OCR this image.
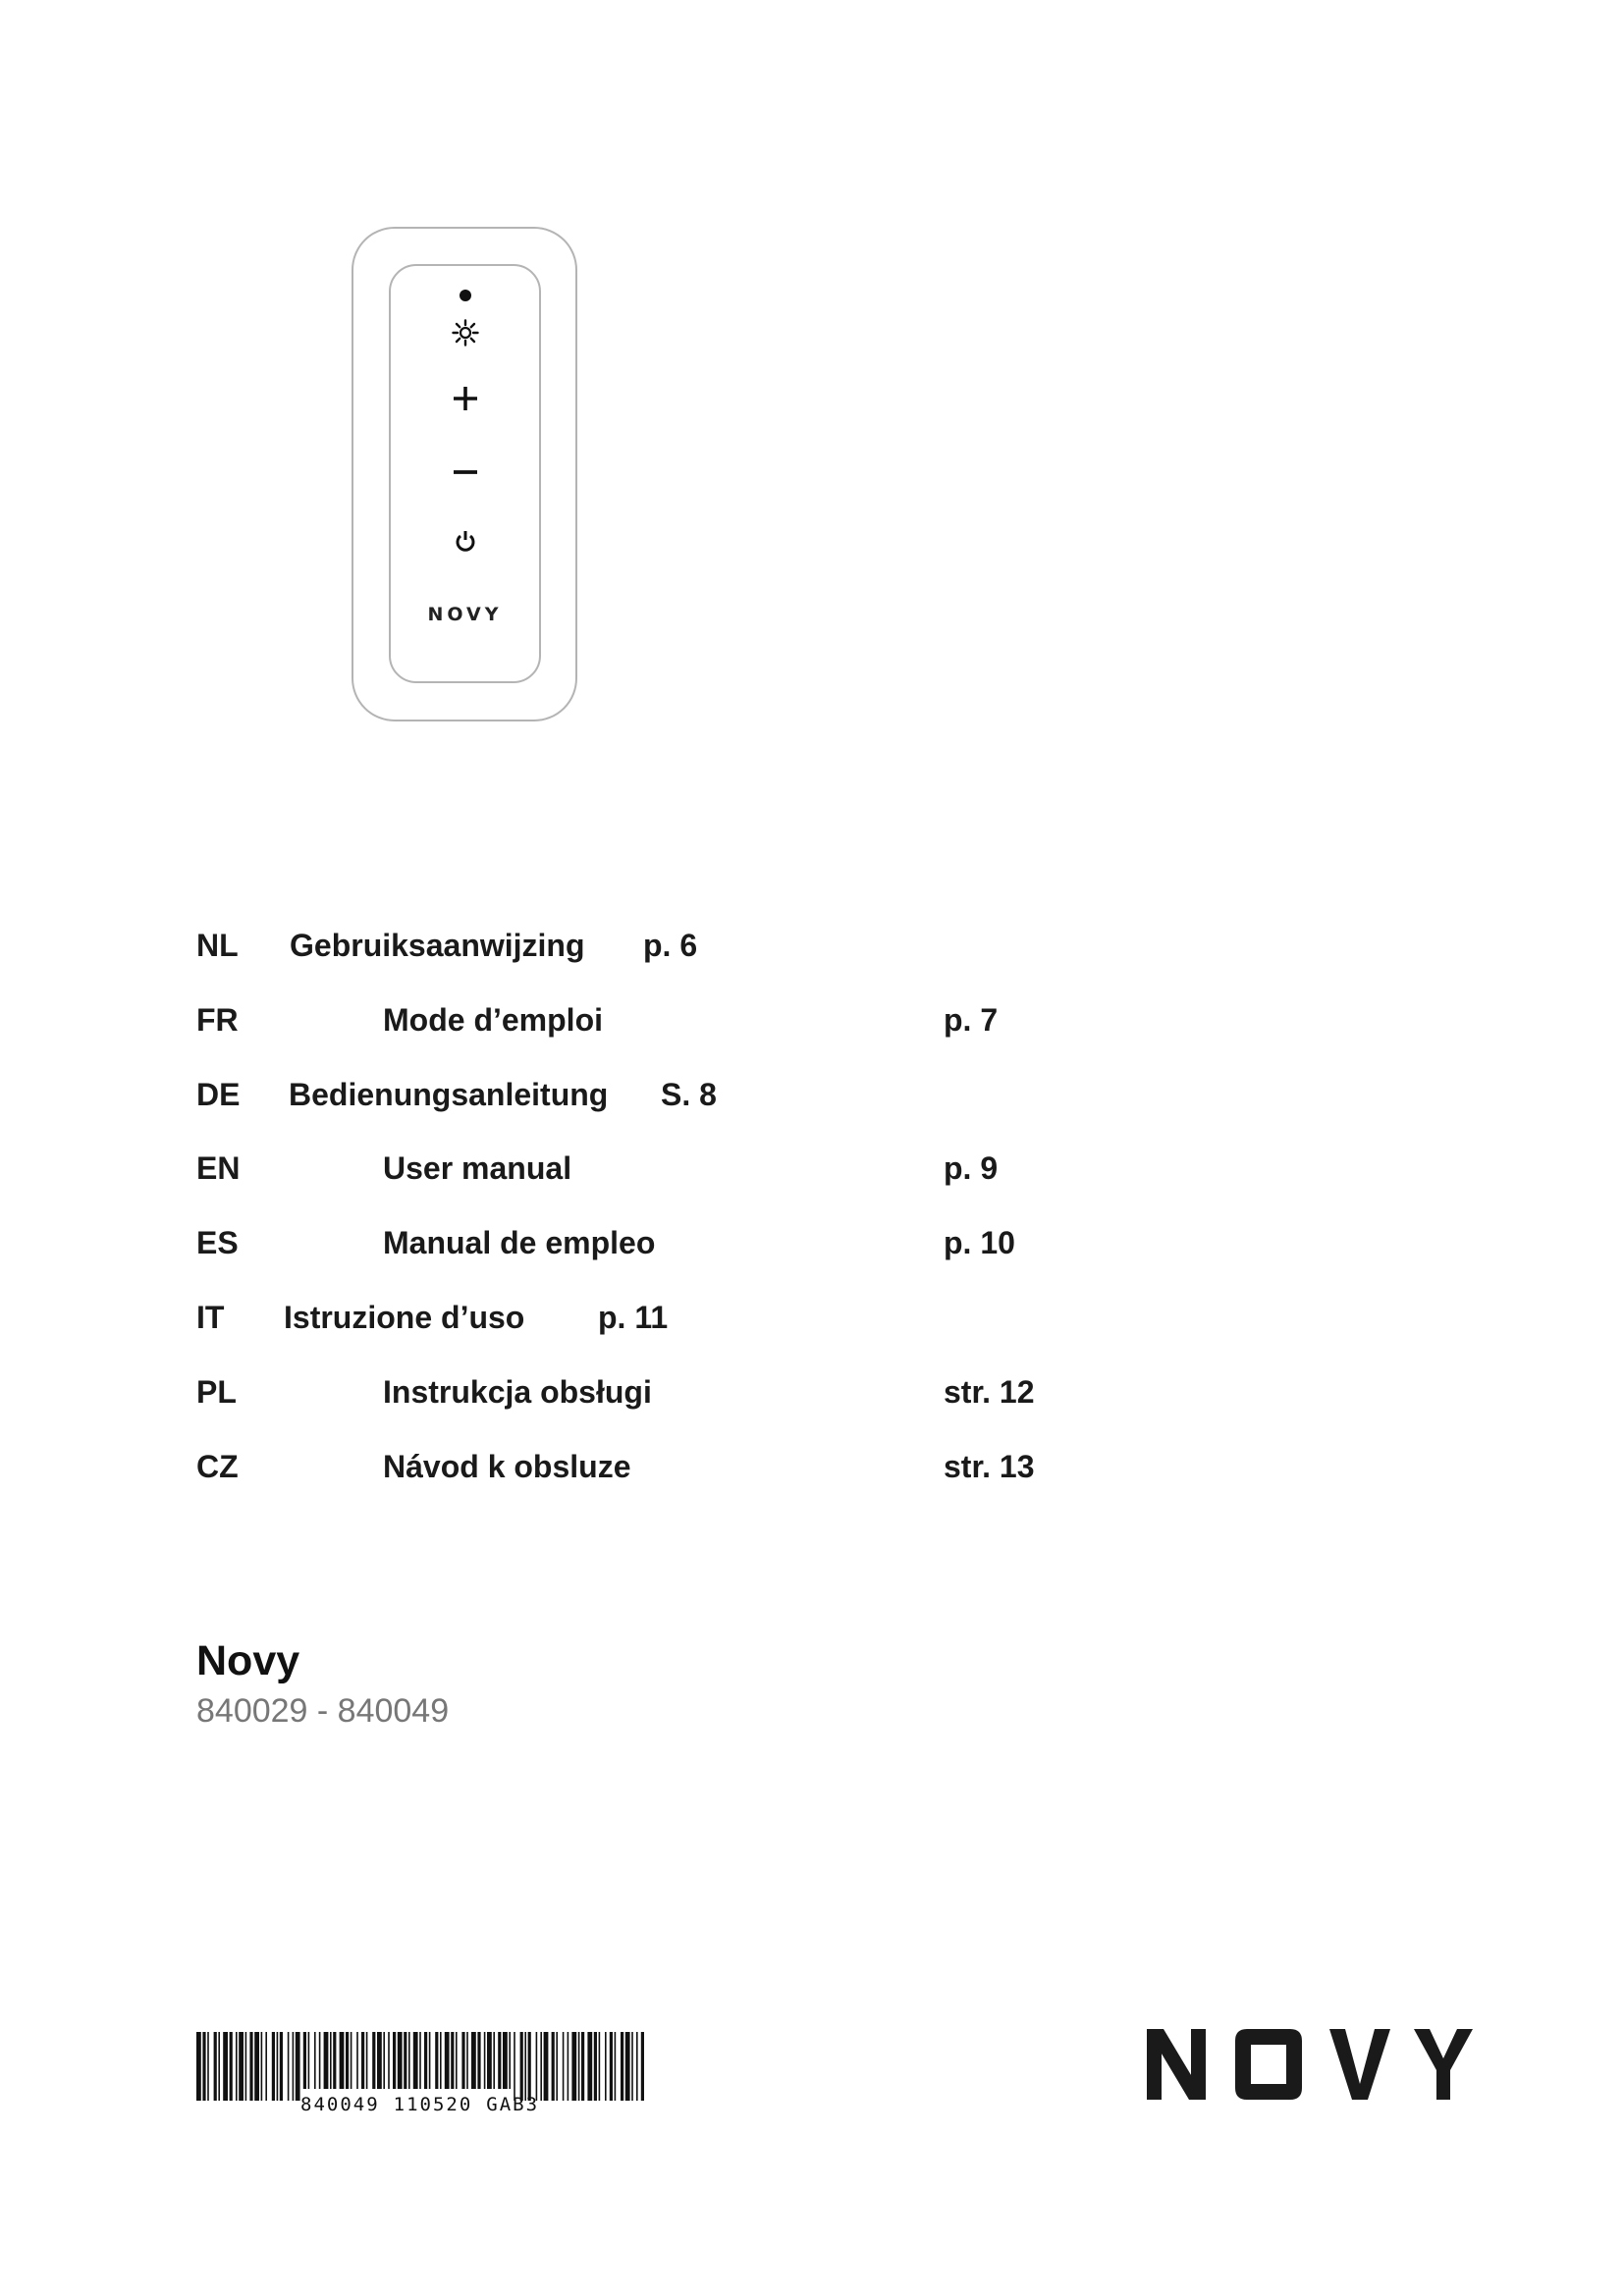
NOVY
NL Gebruiksaanwijzing p. 6
FR	Mode d’emploi	p. 7
DE Bedienungsanleitung S. 8
EN	User manual	p. 9
ES	Manual de empleo	p. 10
IT Istruzione d’uso p. 11
PL	Instrukcja obsługi	str. 12
CZ	Návod k obsluze	str. 13
Novy
840029 - 840049
840049 110520 GAB3
